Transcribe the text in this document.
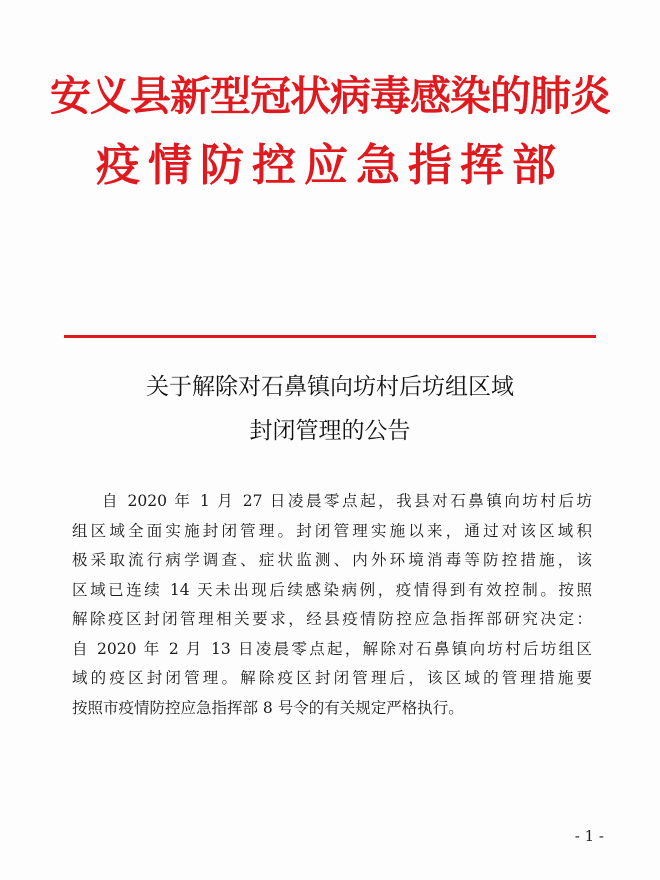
安义县新型冠状病毒感染的肺炎
疫情防控应急指挥部
关于解除对石鼻镇向坊村后坊组区域
封闭管理的公告
自 2020 年 1 月 27 日凌晨零点起，我县对石鼻镇向坊村后坊
组区域全面实施封闭管理。封闭管理实施以来，通过对该区域积
极采取流行病学调查、症状监测、内外环境消毒等防控措施，该
区域已连续 14 天未出现后续感染病例，疫情得到有效控制。按照
解除疫区封闭管理相关要求，经县疫情防控应急指挥部研究决定：
自 2020 年 2 月 13 日凌晨零点起，解除对石鼻镇向坊村后坊组区
域的疫区封闭管理。解除疫区封闭管理后，该区域的管理措施要
按照市疫情防控应急指挥部 8 号令的有关规定严格执行。
- 1 -
